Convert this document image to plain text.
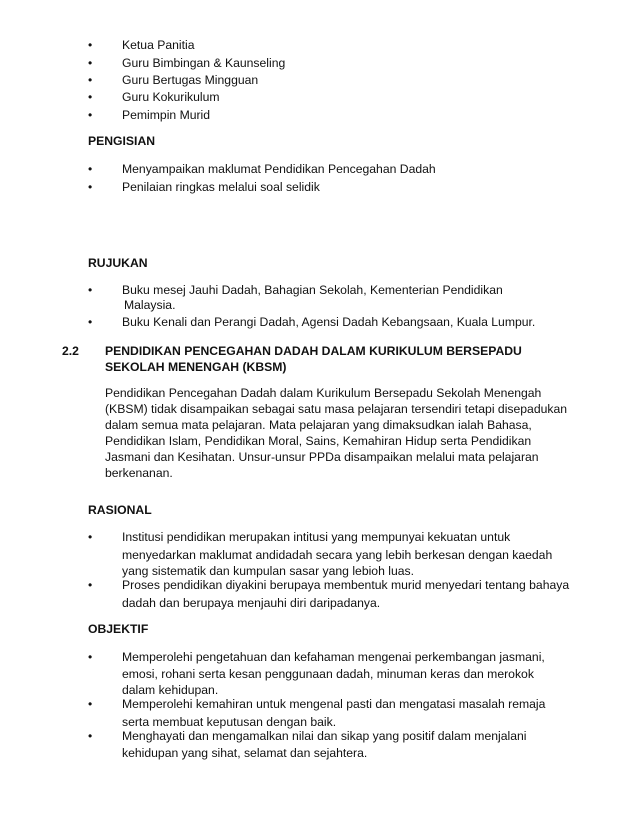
• Ketua Panitia
• Guru Bimbingan & Kaunseling
• Guru Bertugas Mingguan
• Guru Kokurikulum
• Pemimpin Murid
PENGISIAN
• Menyampaikan maklumat Pendidikan Pencegahan Dadah
• Penilaian ringkas melalui soal selidik
RUJUKAN
• Buku mesej Jauhi Dadah, Bahagian Sekolah, Kementerian Pendidikan
Malaysia.
• Buku Kenali dan Perangi Dadah, Agensi Dadah Kebangsaan, Kuala Lumpur.
2.2 PENDIDIKAN PENCEGAHAN DADAH DALAM KURIKULUM BERSEPADU
SEKOLAH MENENGAH (KBSM)
Pendidikan Pencegahan Dadah dalam Kurikulum Bersepadu Sekolah Menengah
(KBSM) tidak disampaikan sebagai satu masa pelajaran tersendiri tetapi disepadukan
dalam semua mata pelajaran. Mata pelajaran yang dimaksudkan ialah Bahasa,
Pendidikan Islam, Pendidikan Moral, Sains, Kemahiran Hidup serta Pendidikan
Jasmani dan Kesihatan. Unsur-unsur PPDa disampaikan melalui mata pelajaran
berkenanan.
RASIONAL
• Institusi pendidikan merupakan intitusi yang mempunyai kekuatan untuk
menyedarkan maklumat andidadah secara yang lebih berkesan dengan kaedah
yang sistematik dan kumpulan sasar yang lebioh luas.
• Proses pendidikan diyakini berupaya membentuk murid menyedari tentang bahaya
dadah dan berupaya menjauhi diri daripadanya.
OBJEKTIF
• Memperolehi pengetahuan dan kefahaman mengenai perkembangan jasmani,
emosi, rohani serta kesan penggunaan dadah, minuman keras dan merokok
dalam kehidupan.
• Memperolehi kemahiran untuk mengenal pasti dan mengatasi masalah remaja
serta membuat keputusan dengan baik.
• Menghayati dan mengamalkan nilai dan sikap yang positif dalam menjalani
kehidupan yang sihat, selamat dan sejahtera.
